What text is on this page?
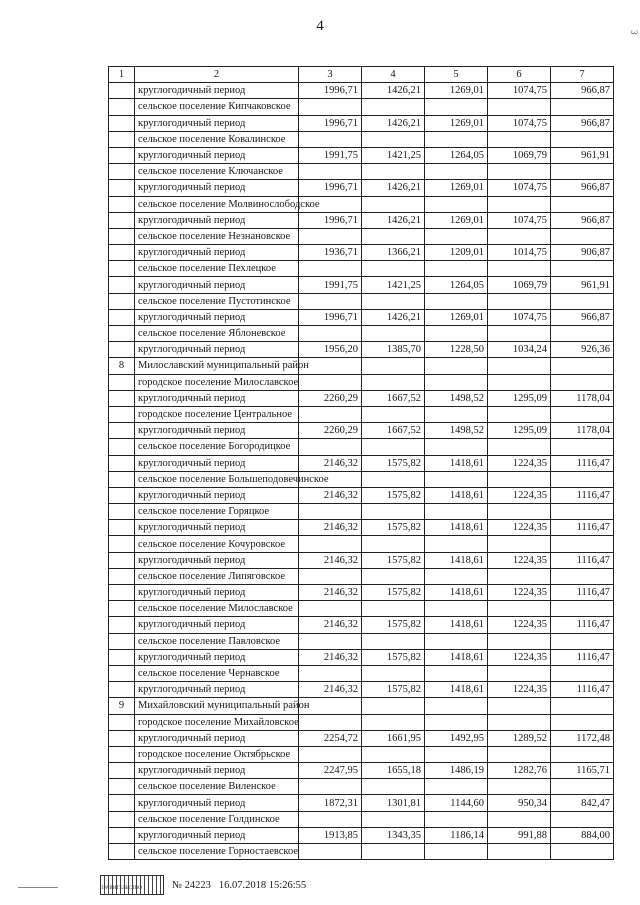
4	3
1	2	3	4	5	6	7
	круглогодичный период	1996,71	1426,21	1269,01	1074,75	966,87
	сельское поселение Кипчаковское					
	круглогодичный период	1996,71	1426,21	1269,01	1074,75	966,87
	сельское поселение Ковалинское					
	круглогодичный период	1991,75	1421,25	1264,05	1069,79	961,91
	сельское поселение Ключанское					
	круглогодичный период	1996,71	1426,21	1269,01	1074,75	966,87
	сельское поселение Молвинослободское					
	круглогодичный период	1996,71	1426,21	1269,01	1074,75	966,87
	сельское поселение Незнановское					
	круглогодичный период	1936,71	1366,21	1209,01	1014,75	906,87
	сельское поселение Пехлецкое					
	круглогодичный период	1991,75	1421,25	1264,05	1069,79	961,91
	сельское поселение Пустотинское					
	круглогодичный период	1996,71	1426,21	1269,01	1074,75	966,87
	сельское поселение Яблоневское					
	круглогодичный период	1956,20	1385,70	1228,50	1034,24	926,36
8	Милославский муниципальный район					
	городское поселение Милославское					
	круглогодичный период	2260,29	1667,52	1498,52	1295,09	1178,04
	городское поселение Центральное					
	круглогодичный период	2260,29	1667,52	1498,52	1295,09	1178,04
	сельское поселение Богородицкое					
	круглогодичный период	2146,32	1575,82	1418,61	1224,35	1116,47
	сельское поселение Большеподовечинское					
	круглогодичный период	2146,32	1575,82	1418,61	1224,35	1116,47
	сельское поселение Горяцкое					
	круглогодичный период	2146,32	1575,82	1418,61	1224,35	1116,47
	сельское поселение Кочуровское					
	круглогодичный период	2146,32	1575,82	1418,61	1224,35	1116,47
	сельское поселение Липяговское					
	круглогодичный период	2146,32	1575,82	1418,61	1224,35	1116,47
	сельское поселение Милославское					
	круглогодичный период	2146,32	1575,82	1418,61	1224,35	1116,47
	сельское поселение Павловское					
	круглогодичный период	2146,32	1575,82	1418,61	1224,35	1116,47
	сельское поселение Чернавское					
	круглогодичный период	2146,32	1575,82	1418,61	1224,35	1116,47
9	Михайловский муниципальный район					
	городское поселение Михайловское					
	круглогодичный период	2254,72	1661,95	1492,95	1289,52	1172,48
	городское поселение Октябрьское					
	круглогодичный период	2247,95	1655,18	1486,19	1282,76	1165,71
	сельское поселение Виленское					
	круглогодичный период	1872,31	1301,81	1144,60	950,34	842,47
	сельское поселение Голдинское					
	круглогодичный период	1913,85	1343,35	1186,14	991,88	884,00
	сельское поселение Горностаевское					
№ 24223 16.07.2018 15:26:55
ПРАВИТЕЛЬСТВО
